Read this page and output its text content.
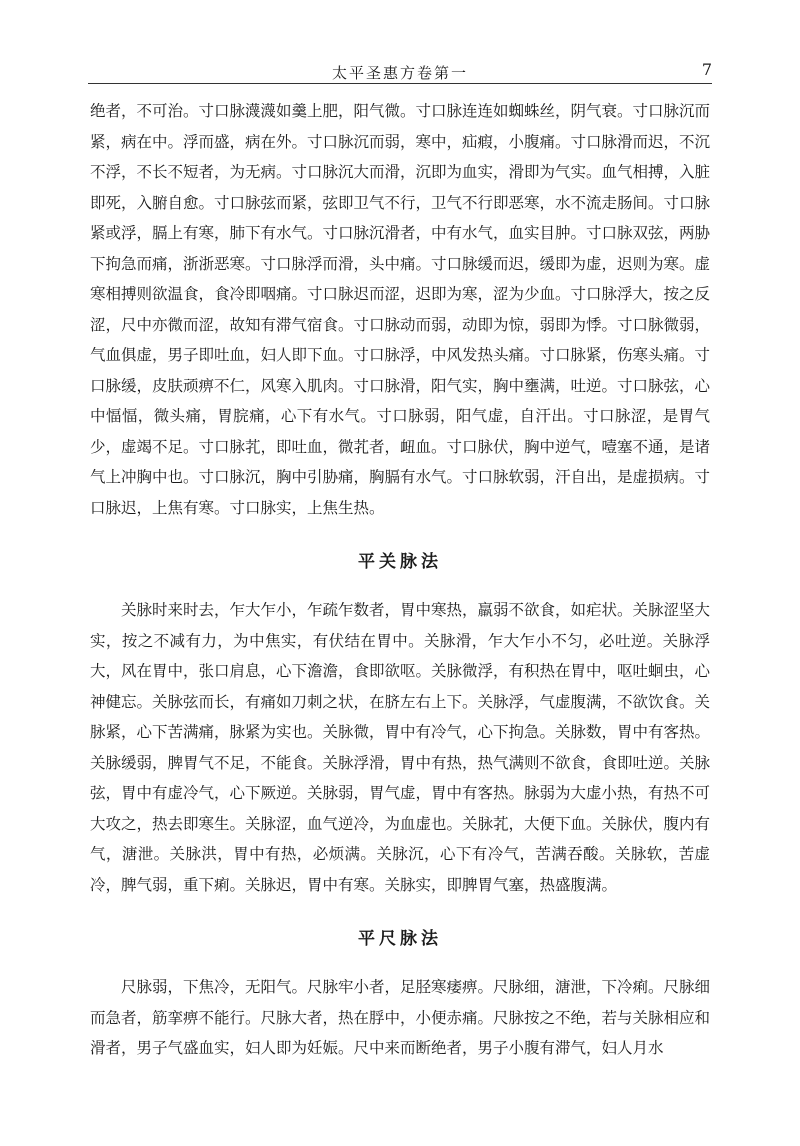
太平圣惠方卷第一	7

绝者，不可治。寸口脉瀎瀎如羹上肥，阳气微。寸口脉连连如蜘蛛丝，阴气衰。寸口脉沉而紧，病在中。浮而盛，病在外。寸口脉沉而弱，寒中，疝瘕，小腹痛。寸口脉滑而迟，不沉不浮，不长不短者，为无病。寸口脉沉大而滑，沉即为血实，滑即为气实。血气相搏，入脏即死，入腑自愈。寸口脉弦而紧，弦即卫气不行，卫气不行即恶寒，水不流走肠间。寸口脉紧或浮，膈上有寒，肺下有水气。寸口脉沉滑者，中有水气，血实目肿。寸口脉双弦，两胁下拘急而痛，浙浙恶寒。寸口脉浮而滑，头中痛。寸口脉缓而迟，缓即为虚，迟则为寒。虚寒相搏则欲温食，食冷即咽痛。寸口脉迟而涩，迟即为寒，涩为少血。寸口脉浮大，按之反涩，尺中亦微而涩，故知有滞气宿食。寸口脉动而弱，动即为惊，弱即为悸。寸口脉微弱，气血俱虚，男子即吐血，妇人即下血。寸口脉浮，中风发热头痛。寸口脉紧，伤寒头痛。寸口脉缓，皮肤顽痹不仁，风寒入肌肉。寸口脉滑，阳气实，胸中壅满，吐逆。寸口脉弦，心中愊愊，微头痛，胃脘痛，心下有水气。寸口脉弱，阳气虚，自汗出。寸口脉涩，是胃气少，虚竭不足。寸口脉芤，即吐血，微芤者，衄血。寸口脉伏，胸中逆气，噎塞不通，是诸气上冲胸中也。寸口脉沉，胸中引胁痛，胸膈有水气。寸口脉软弱，汗自出，是虚损病。寸口脉迟，上焦有寒。寸口脉实，上焦生热。

平关脉法

关脉时来时去，乍大乍小，乍疏乍数者，胃中寒热，羸弱不欲食，如疟状。关脉涩坚大实，按之不减有力，为中焦实，有伏结在胃中。关脉滑，乍大乍小不匀，必吐逆。关脉浮大，风在胃中，张口肩息，心下澹澹，食即欲呕。关脉微浮，有积热在胃中，呕吐蛔虫，心神健忘。关脉弦而长，有痛如刀刺之状，在脐左右上下。关脉浮，气虚腹满，不欲饮食。关脉紧，心下苦满痛，脉紧为实也。关脉微，胃中有冷气，心下拘急。关脉数，胃中有客热。关脉缓弱，脾胃气不足，不能食。关脉浮滑，胃中有热，热气满则不欲食，食即吐逆。关脉弦，胃中有虚冷气，心下厥逆。关脉弱，胃气虚，胃中有客热。脉弱为大虚小热，有热不可大攻之，热去即寒生。关脉涩，血气逆冷，为血虚也。关脉芤，大便下血。关脉伏，腹内有气，溏泄。关脉洪，胃中有热，必烦满。关脉沉，心下有冷气，苦满吞酸。关脉软，苦虚冷，脾气弱，重下痢。关脉迟，胃中有寒。关脉实，即脾胃气塞，热盛腹满。

平尺脉法

尺脉弱，下焦冷，无阳气。尺脉牢小者，足胫寒痿痹。尺脉细，溏泄，下冷痢。尺脉细而急者，筋挛痹不能行。尺脉大者，热在脬中，小便赤痛。尺脉按之不绝，若与关脉相应和滑者，男子气盛血实，妇人即为妊娠。尺中来而断绝者，男子小腹有滞气，妇人月水
